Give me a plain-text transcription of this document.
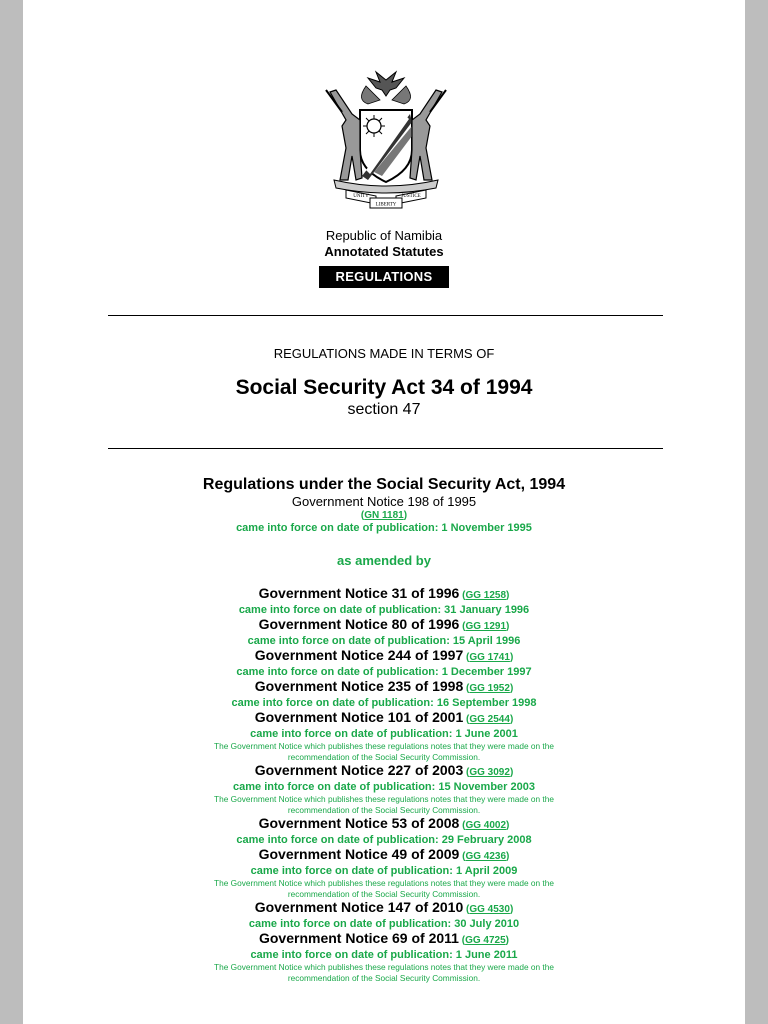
UNITY
LIBERTY
JUSTICE
Republic of Namibia
Annotated Statutes
REGULATIONS
REGULATIONS MADE IN TERMS OF
Social Security Act 34 of 1994
section 47
Regulations under the Social Security Act, 1994
Government Notice 198 of 1995
(GN 1181)
came into force on date of publication: 1 November 1995
as amended by
Government Notice 31 of 1996 (GG 1258)
came into force on date of publication: 31 January 1996
Government Notice 80 of 1996 (GG 1291)
came into force on date of publication: 15 April 1996
Government Notice 244 of 1997 (GG 1741)
came into force on date of publication: 1 December 1997
Government Notice 235 of 1998 (GG 1952)
came into force on date of publication: 16 September 1998
Government Notice 101 of 2001 (GG 2544)
came into force on date of publication: 1 June 2001
The Government Notice which publishes these regulations notes that they were made on the recommendation of the Social Security Commission.
Government Notice 227 of 2003 (GG 3092)
came into force on date of publication: 15 November 2003
The Government Notice which publishes these regulations notes that they were made on the recommendation of the Social Security Commission.
Government Notice 53 of 2008 (GG 4002)
came into force on date of publication: 29 February 2008
Government Notice 49 of 2009 (GG 4236)
came into force on date of publication: 1 April 2009
The Government Notice which publishes these regulations notes that they were made on the recommendation of the Social Security Commission.
Government Notice 147 of 2010 (GG 4530)
came into force on date of publication: 30 July 2010
Government Notice 69 of 2011 (GG 4725)
came into force on date of publication: 1 June 2011
The Government Notice which publishes these regulations notes that they were made on the recommendation of the Social Security Commission.
